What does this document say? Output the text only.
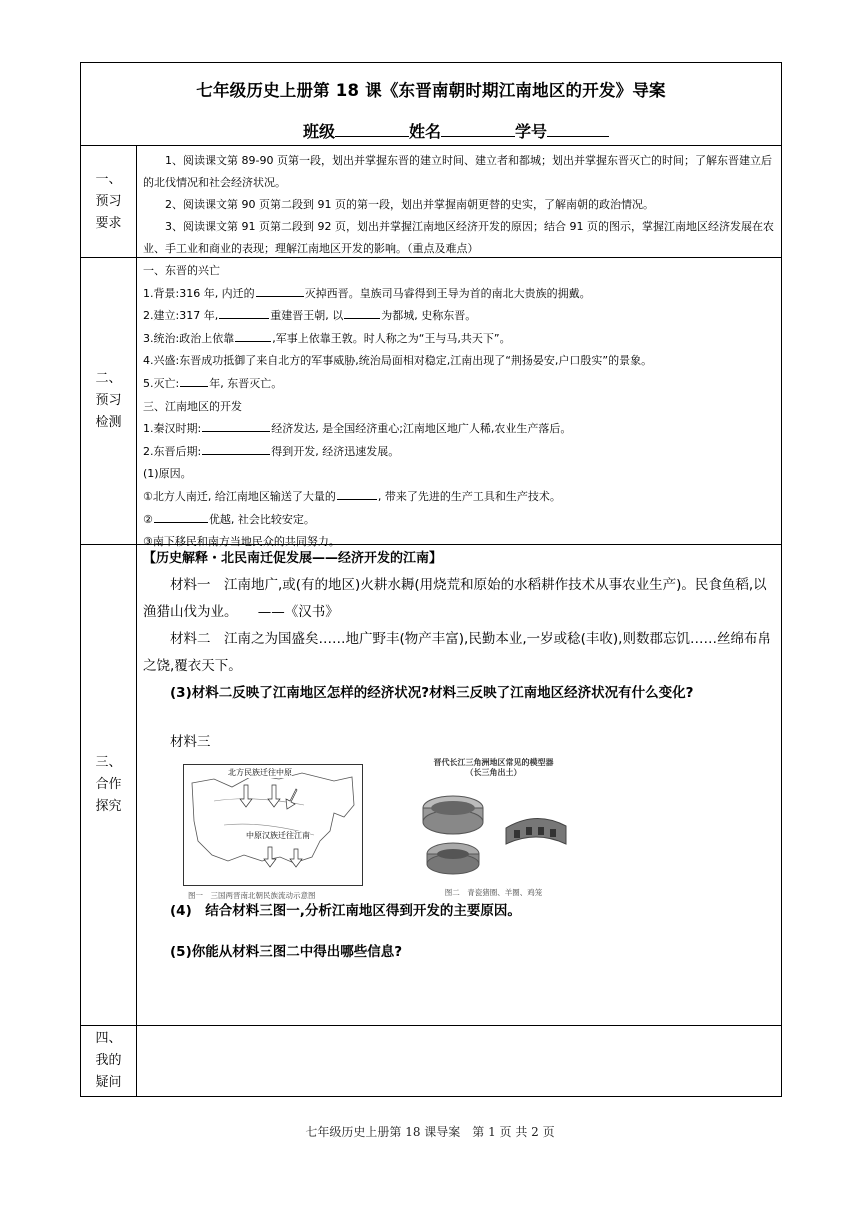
七年级历史上册第 18 课《东晋南朝时期江南地区的开发》导案
班级	姓名	学号
一、
预习
要求
1、阅读课文第 89-90 页第一段，划出并掌握东晋的建立时间、建立者和都城；划出并掌握东晋灭亡的时间；了解东晋建立后的北伐情况和社会经济状况。
2、阅读课文第 90 页第二段到 91 页的第一段，划出并掌握南朝更替的史实，了解南朝的政治情况。
3、阅读课文第 91 页第二段到 92 页，划出并掌握江南地区经济开发的原因；结合 91 页的图示，掌握江南地区经济发展在农业、手工业和商业的表现；理解江南地区开发的影响。（重点及难点）
二、
预习
检测
一、东晋的兴亡
1.背景:316 年, 内迁的	灭掉西晋。皇族司马睿得到王导为首的南北大贵族的拥戴。
2.建立:317 年,	重建晋王朝, 以	为都城, 史称东晋。
3.统治:政治上依靠	,军事上依靠王敦。时人称之为“王与马,共天下”。
4.兴盛:东晋成功抵御了来自北方的军事威胁,统治局面相对稳定,江南出现了“荆扬晏安,户口殷实”的景象。
5.灭亡:	年, 东晋灭亡。
三、江南地区的开发
1.秦汉时期:	经济发达, 是全国经济重心;江南地区地广人稀,农业生产落后。
2.东晋后期:	得到开发, 经济迅速发展。
(1)原因。
①北方人南迁, 给江南地区输送了大量的	, 带来了先进的生产工具和生产技术。
②	优越, 社会比较安定。
③南下移民和南方当地民众的共同努力。
三、
合作
探究
【历史解释・北民南迁促发展——经济开发的江南】
材料一　江南地广,或(有的地区)火耕水耨(用烧荒和原始的水稻耕作技术从事农业生产)。民食鱼稻,以渔猎山伐为业。　　——《汉书》
材料二　江南之为国盛矣……地广野丰(物产丰富),民勤本业,一岁或稔(丰收),则数郡忘饥……丝绵布帛之饶,覆衣天下。
(3)材料二反映了江南地区怎样的经济状况?材料三反映了江南地区经济状况有什么变化?
材料三
北方民族迁往中原
中原汉族迁往江南
图一　三国两晋南北朝民族流动示意图
晋代长江三角洲地区常见的模型器（长三角出土）
图二　青瓷猪圈、羊圈、鸡笼
(4)　结合材料三图一,分析江南地区得到开发的主要原因。
(5)你能从材料三图二中得出哪些信息?
四、
我的
疑问
七年级历史上册第 18 课导案　第 1 页 共 2 页
